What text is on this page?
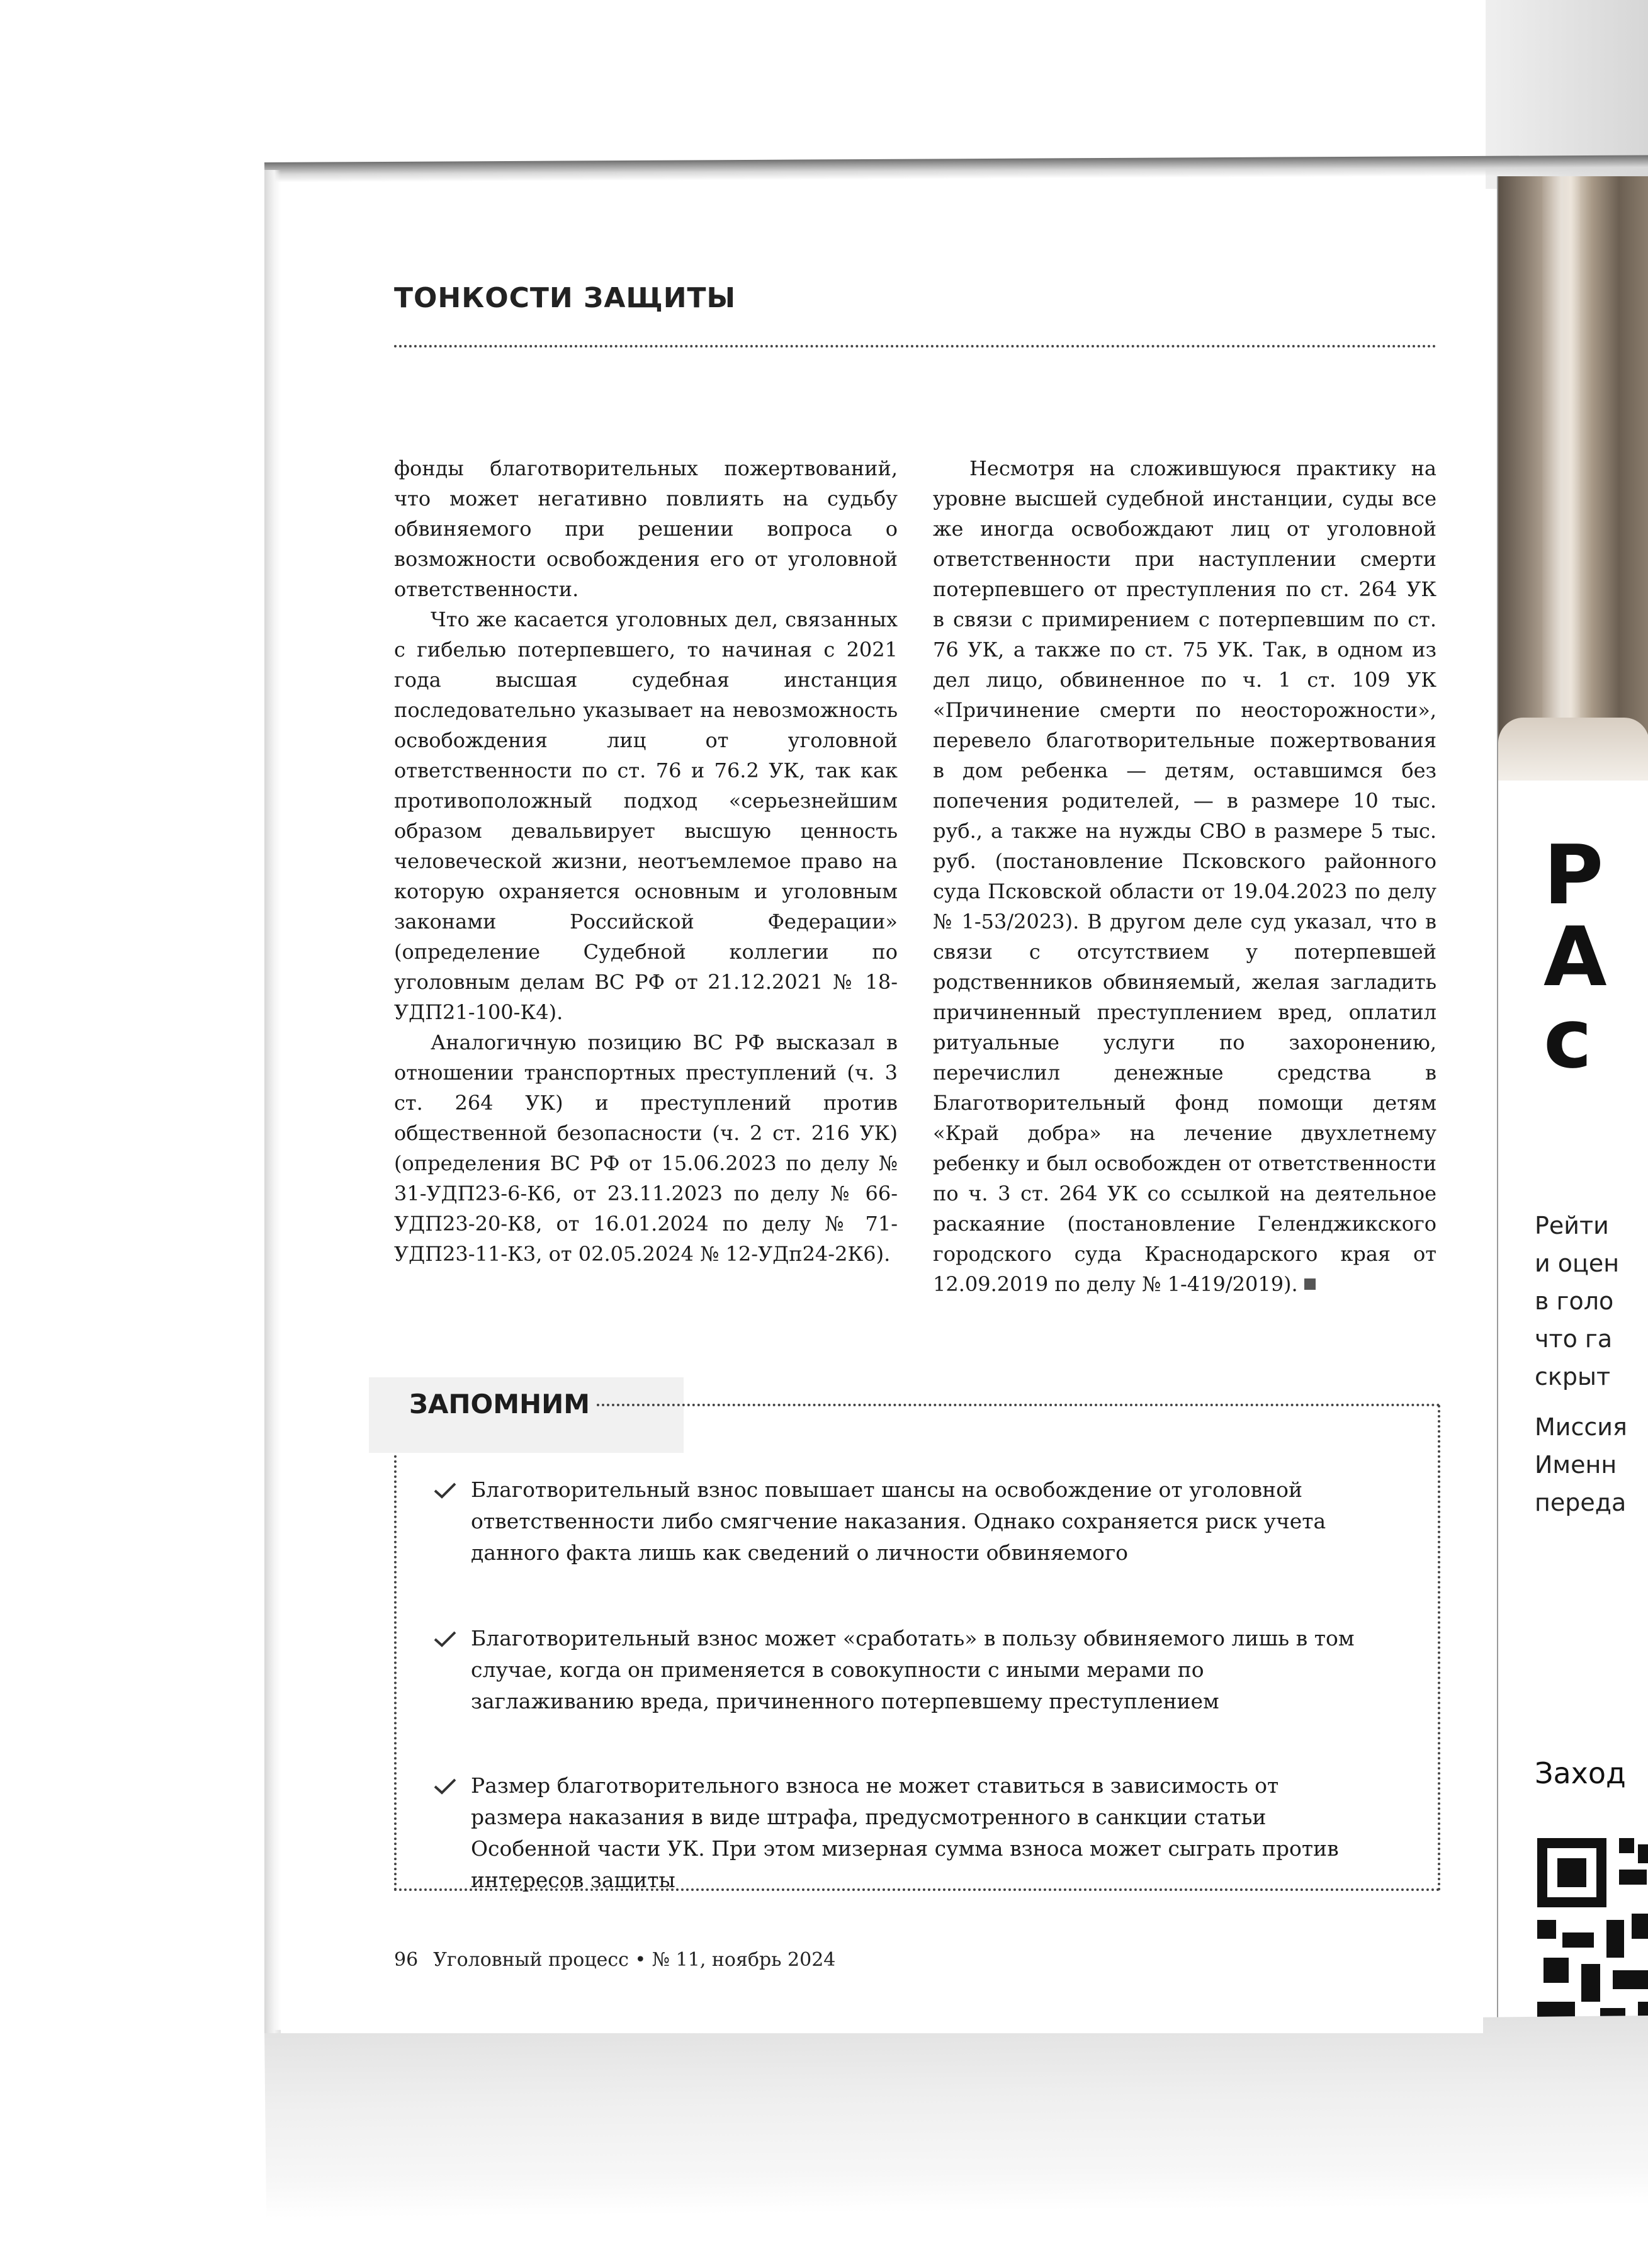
Р
А
с
Рейти
и оцен
в голо
что га
скрыт
Миссия
Именн
переда
Заход
ТОНКОСТИ ЗАЩИТЫ

фонды благотворительных пожертвований, что может негативно повлиять на судьбу обвиняемого при решении вопроса о возможности освобождения его от уголовной ответственности.

Что же касается уголовных дел, связанных с гибелью потерпевшего, то начиная с 2021 года высшая судебная инстанция последовательно указывает на невозможность освобождения лиц от уголовной ответственности по ст. 76 и 76.2 УК, так как противоположный подход «серьезнейшим образом девальвирует высшую ценность человеческой жизни, неотъемлемое право на которую охраняется основным и уголовным законами Российской Федерации» (определение Судебной коллегии по уголовным делам ВС РФ от 21.12.2021 № 18-УДП21-100-К4).

Аналогичную позицию ВС РФ высказал в отношении транспортных преступлений (ч. 3 ст. 264 УК) и преступлений против общественной безопасности (ч. 2 ст. 216 УК) (определения ВС РФ от 15.06.2023 по делу № 31-УДП23-6-К6, от 23.11.2023 по делу № 66-УДП23-20-К8, от 16.01.2024 по делу № 71-УДП23-11-К3, от 02.05.2024 № 12-УДп24-2К6).

Несмотря на сложившуюся практику на уровне высшей судебной инстанции, суды все же иногда освобождают лиц от уголовной ответственности при наступлении смерти потерпевшего от преступления по ст. 264 УК в связи с примирением с потерпевшим по ст. 76 УК, а также по ст. 75 УК. Так, в одном из дел лицо, обвиненное по ч. 1 ст. 109 УК «Причинение смерти по неосторожности», перевело благотворительные пожертвования в дом ребенка — детям, оставшимся без попечения родителей, — в размере 10 тыс. руб., а также на нужды СВО в размере 5 тыс. руб. (постановление Псковского районного суда Псковской области от 19.04.2023 по делу № 1-53/2023). В другом деле суд указал, что в связи с отсутствием у потерпевшей родственников обвиняемый, желая загладить причиненный преступлением вред, оплатил ритуальные услуги по захоронению, перечислил денежные средства в Благотворительный фонд помощи детям «Край добра» на лечение двухлетнему ребенку и был освобожден от ответственности по ч. 3 ст. 264 УК со ссылкой на деятельное раскаяние (постановление Геленджикского городского суда Краснодарского края от 12.09.2019 по делу № 1-419/2019).

ЗАПОМНИМ
Благотворительный взнос повышает шансы на освобождение от уголовной ответственности либо смягчение наказания. Однако сохраняется риск учета данного факта лишь как сведений о личности обвиняемого
Благотворительный взнос может «сработать» в пользу обвиняемого лишь в том случае, когда он применяется в совокупности с иными мерами по заглаживанию вреда, причиненного потерпевшему преступлением
Размер благотворительного взноса не может ставиться в зависимость от размера наказания в виде штрафа, предусмотренного в санкции статьи Особенной части УК. При этом мизерная сумма взноса может сыграть против интересов защиты
96 Уголовный процесс • № 11, ноябрь 2024
